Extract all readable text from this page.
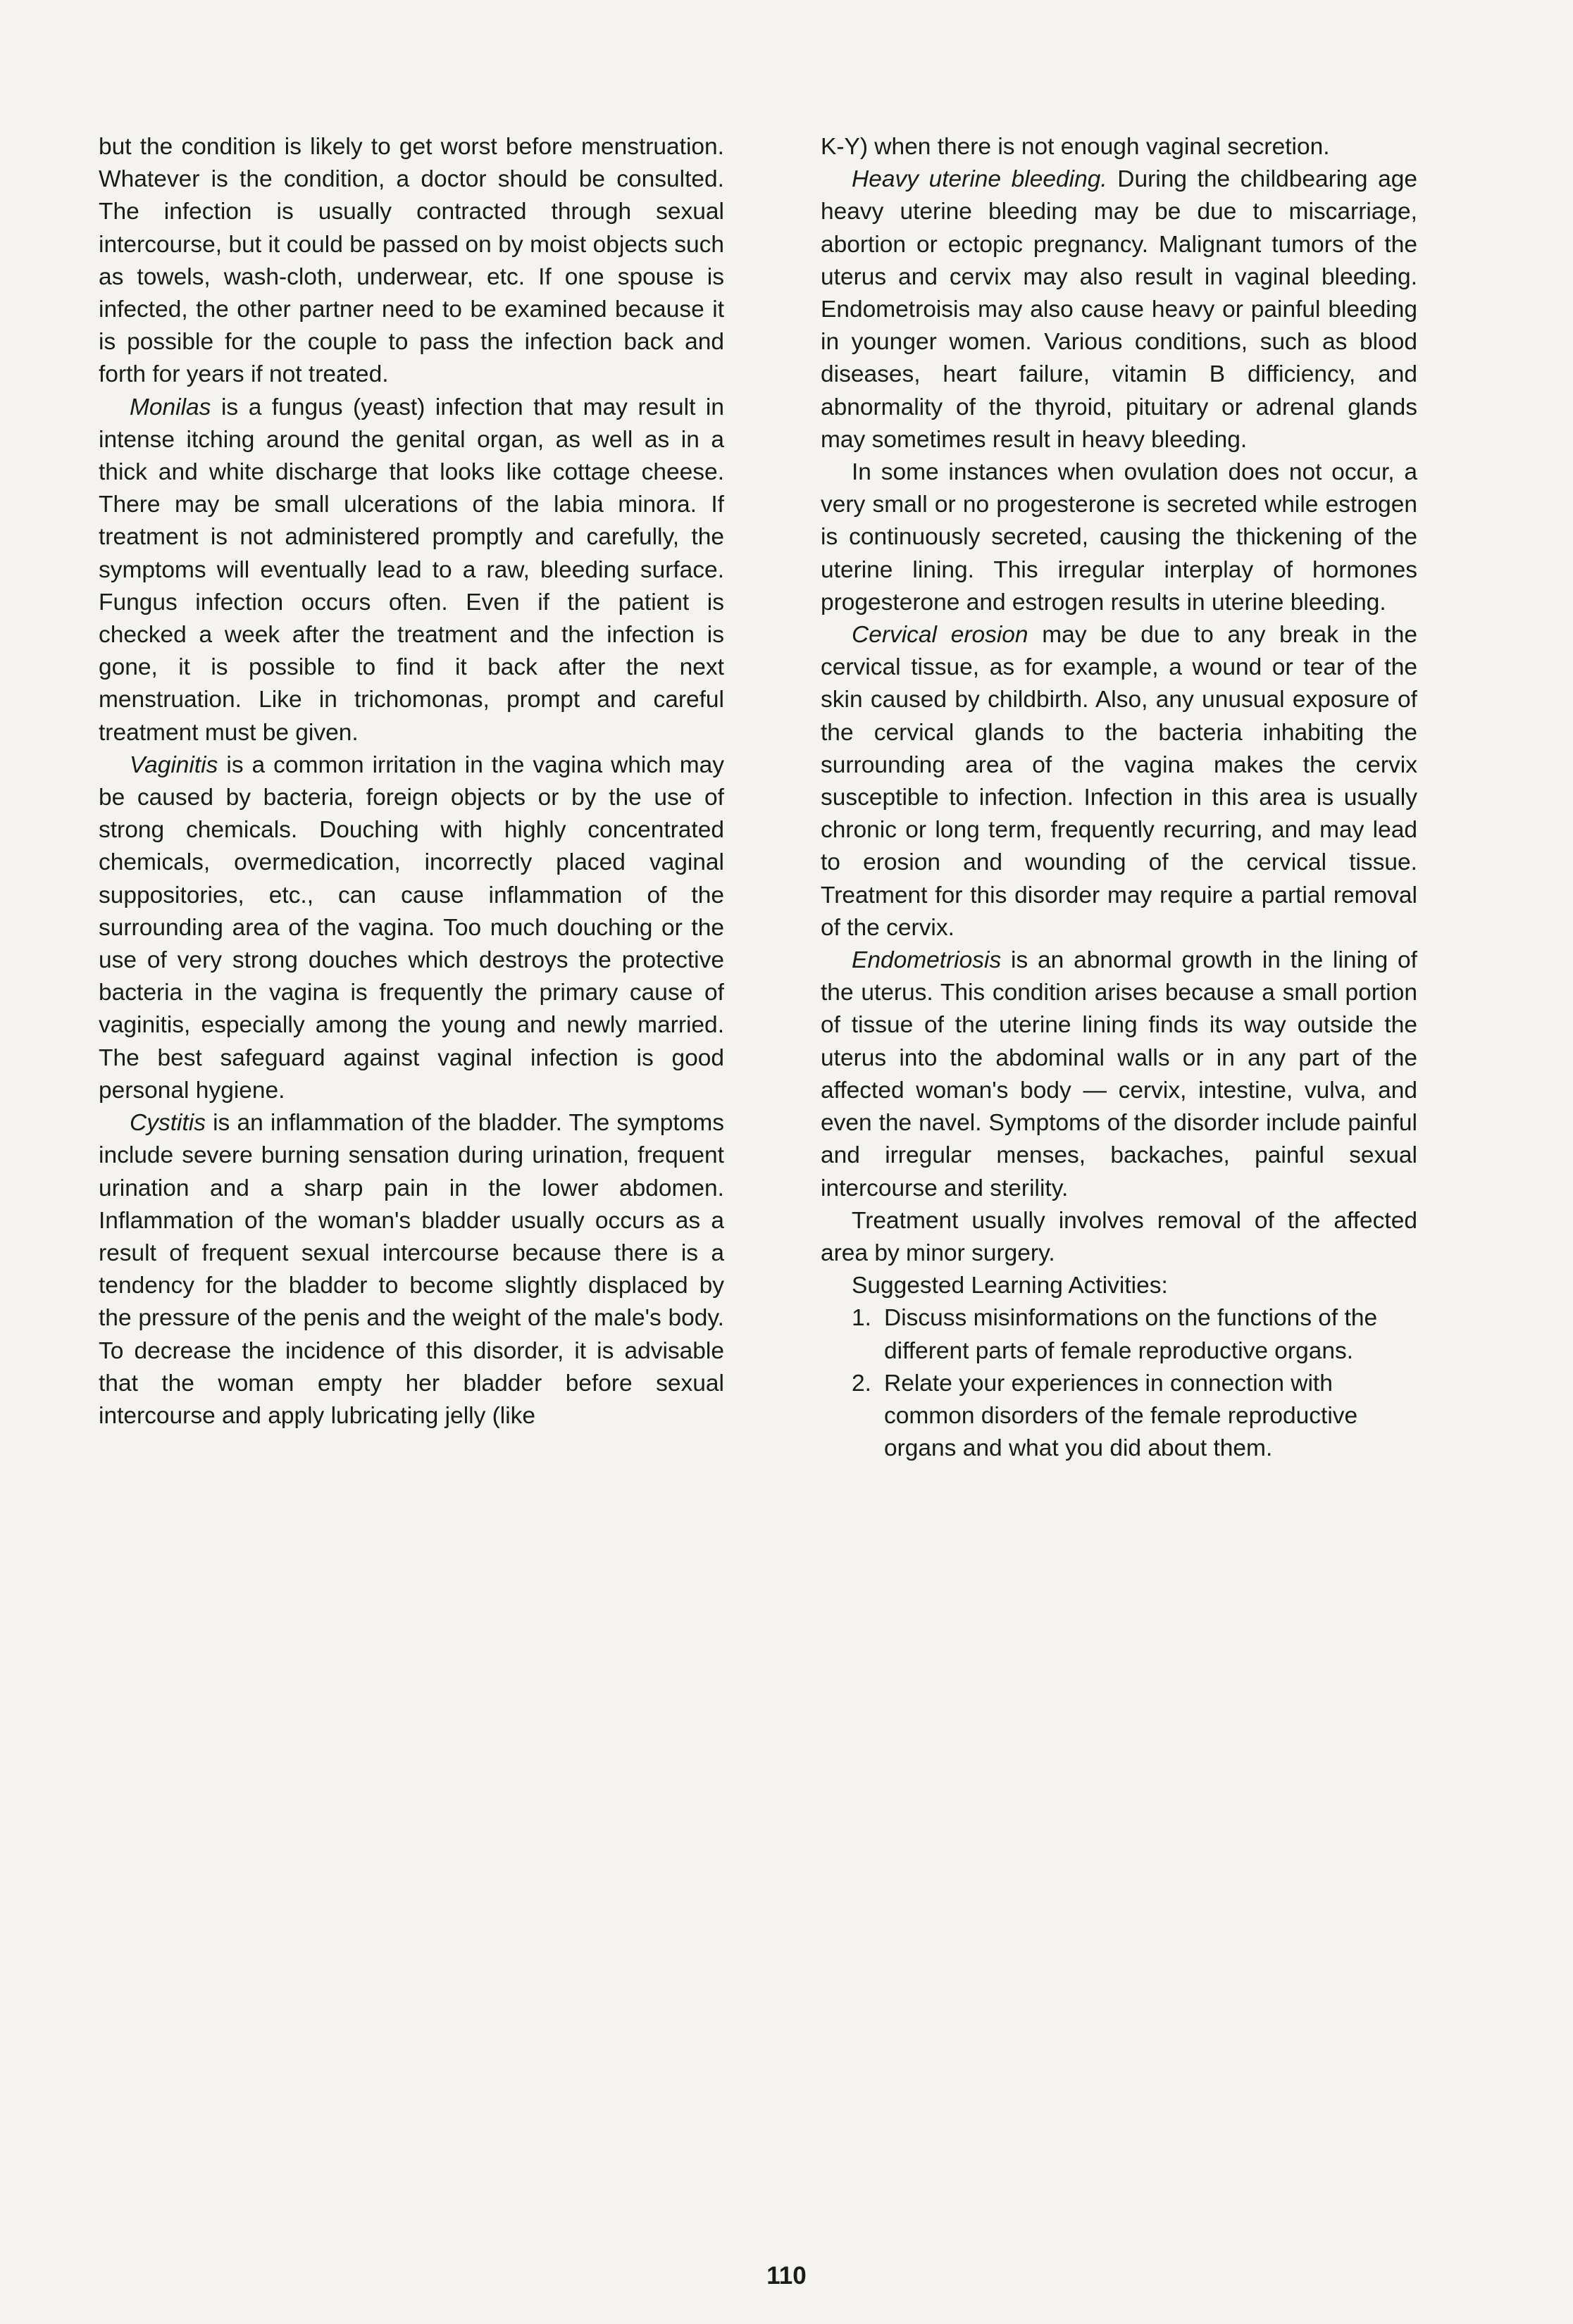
but the condition is likely to get worst before menstruation. Whatever is the condition, a doctor should be consulted. The infection is usually contracted through sexual intercourse, but it could be passed on by moist objects such as towels, wash-cloth, underwear, etc. If one spouse is infected, the other partner need to be examined because it is possible for the couple to pass the infection back and forth for years if not treated.

Monilas is a fungus (yeast) infection that may result in intense itching around the genital organ, as well as in a thick and white discharge that looks like cottage cheese. There may be small ulcerations of the labia minora. If treatment is not administered promptly and carefully, the symptoms will eventually lead to a raw, bleeding surface. Fungus infection occurs often. Even if the patient is checked a week after the treatment and the infection is gone, it is possible to find it back after the next menstruation. Like in trichomonas, prompt and careful treatment must be given.

Vaginitis is a common irritation in the vagina which may be caused by bacteria, foreign objects or by the use of strong chemicals. Douching with highly concentrated chemicals, overmedication, incorrectly placed vaginal suppositories, etc., can cause inflammation of the surrounding area of the vagina. Too much douching or the use of very strong douches which destroys the protective bacteria in the vagina is frequently the primary cause of vaginitis, especially among the young and newly married. The best safeguard against vaginal infection is good personal hygiene.

Cystitis is an inflammation of the bladder. The symptoms include severe burning sensation during urination, frequent urination and a sharp pain in the lower abdomen. Inflammation of the woman's bladder usually occurs as a result of frequent sexual intercourse because there is a tendency for the bladder to become slightly displaced by the pressure of the penis and the weight of the male's body. To decrease the incidence of this disorder, it is advisable that the woman empty her bladder before sexual intercourse and apply lubricating jelly (like

K-Y) when there is not enough vaginal secretion.

Heavy uterine bleeding. During the childbearing age heavy uterine bleeding may be due to miscarriage, abortion or ectopic pregnancy. Malignant tumors of the uterus and cervix may also result in vaginal bleeding. Endometroisis may also cause heavy or painful bleeding in younger women. Various conditions, such as blood diseases, heart failure, vitamin B difficiency, and abnormality of the thyroid, pituitary or adrenal glands may sometimes result in heavy bleeding.

In some instances when ovulation does not occur, a very small or no progesterone is secreted while estrogen is continuously secreted, causing the thickening of the uterine lining. This irregular interplay of hormones progesterone and estrogen results in uterine bleeding.

Cervical erosion may be due to any break in the cervical tissue, as for example, a wound or tear of the skin caused by childbirth. Also, any unusual exposure of the cervical glands to the bacteria inhabiting the surrounding area of the vagina makes the cervix susceptible to infection. Infection in this area is usually chronic or long term, frequently recurring, and may lead to erosion and wounding of the cervical tissue. Treatment for this disorder may require a partial removal of the cervix.

Endometriosis is an abnormal growth in the lining of the uterus. This condition arises because a small portion of tissue of the uterine lining finds its way outside the uterus into the abdominal walls or in any part of the affected woman's body — cervix, intestine, vulva, and even the navel. Symptoms of the disorder include painful and irregular menses, backaches, painful sexual intercourse and sterility.

Treatment usually involves removal of the affected area by minor surgery.

Suggested Learning Activities:

1. Discuss misinformations on the functions of the different parts of female reproductive organs.
2. Relate your experiences in connection with common disorders of the female reproductive organs and what you did about them.
110
